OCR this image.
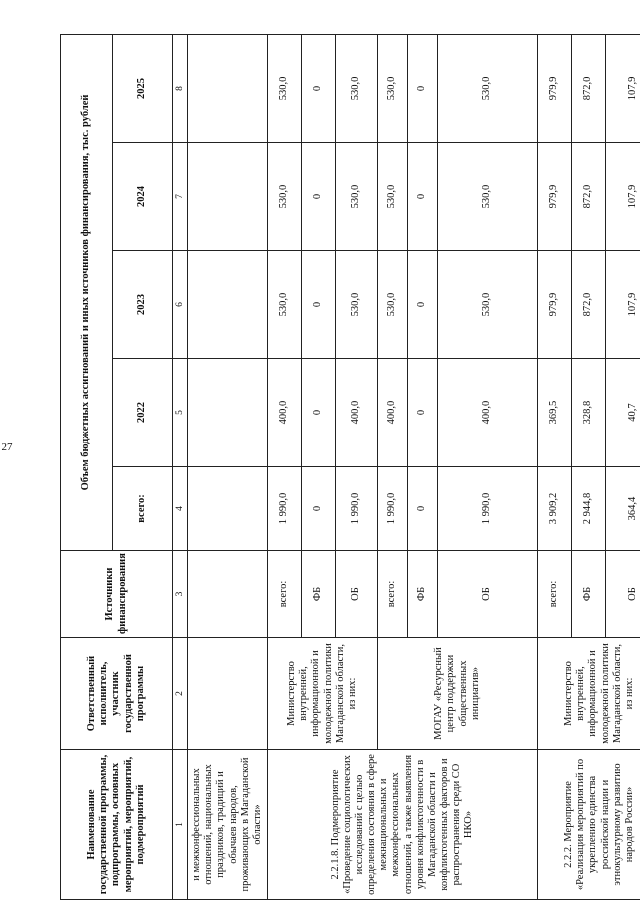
27
Наименование государственной программы, подпрограммы, основных мероприятий, мероприятий, подмероприятий	Ответственный исполнитель, участник государственной программы	Источники финансирования	Объем бюджетных ассигнований и иных источников финансирования, тыс. рублей				
			всего:	2022	2023	2024	2025
1	2	3	4	5	6	7	8
и межконфессиональных отношений, национальных праздников, традиций и обычаев народов, проживающих в Магаданской области»							
2.2.1.8. Подмероприятие «Проведение социологических исследований с целью определения состояния в сфере межнациональных и межконфессиональных отношений, а также выявления уровня конфликтогенности в Магаданской области и конфликтогенных факторов и распространения среди СО НКО»	Министерство внутренней, информационной и молодежной политики Магаданской области, из них:	всего:	1 990,0	400,0	530,0	530,0	530,0
		ФБ	0	0	0	0	0
		ОБ	1 990,0	400,0	530,0	530,0	530,0
	МОГАУ «Ресурсный центр поддержки общественных инициатив»	всего:	1 990,0	400,0	530,0	530,0	530,0
		ФБ	0	0	0	0	0
		ОБ	1 990,0	400,0	530,0	530,0	530,0
2.2.2. Мероприятие «Реализация мероприятий по укреплению единства российской нации и этнокультурному развитию народов России»	Министерство внутренней, информационной и молодежной политики Магаданской области, из них:	всего:	3 909,2	369,5	979,9	979,9	979,9
		ФБ	2 944,8	328,8	872,0	872,0	872,0
		ОБ	364,4	40,7	107,9	107,9	107,9
